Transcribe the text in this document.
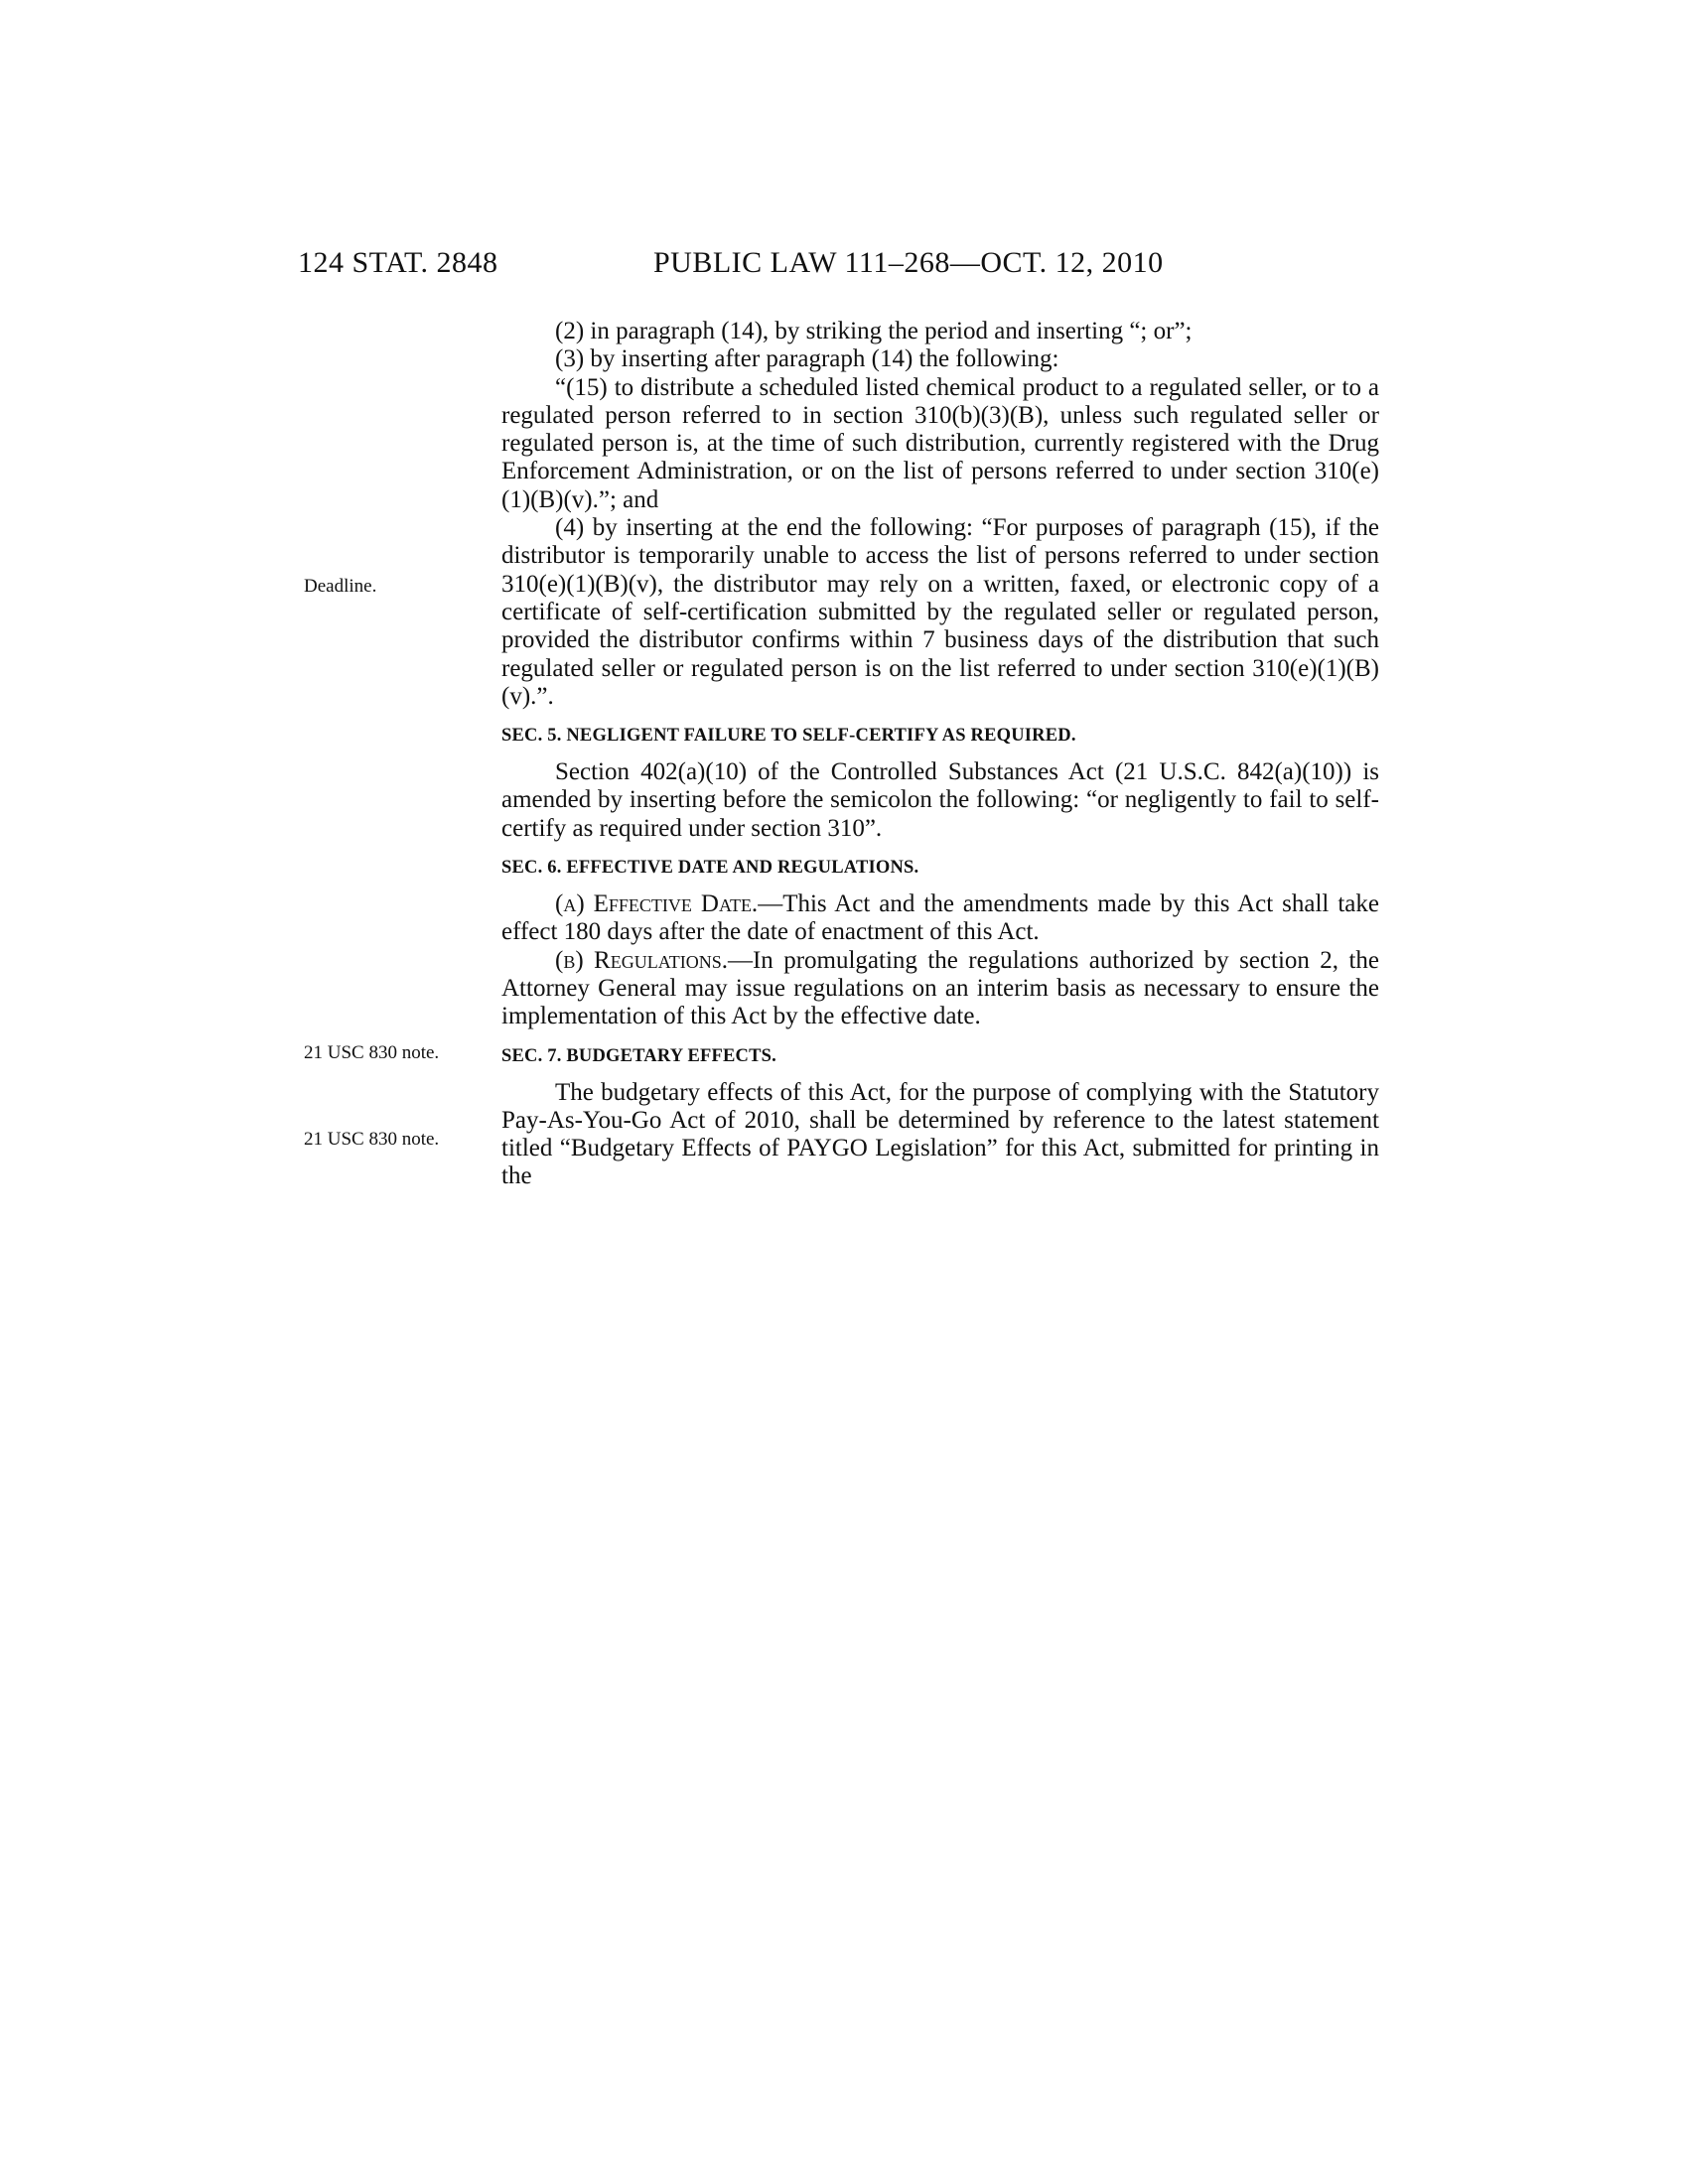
124 STAT. 2848	PUBLIC LAW 111–268—OCT. 12, 2010
Deadline.
21 USC 830 note.
21 USC 830 note.

(2) in paragraph (14), by striking the period and inserting “; or”;

(3) by inserting after paragraph (14) the following:

“(15) to distribute a scheduled listed chemical product to a regulated seller, or to a regulated person referred to in section 310(b)(3)(B), unless such regulated seller or regulated person is, at the time of such distribution, currently registered with the Drug Enforcement Administration, or on the list of persons referred to under section 310(e)(1)(B)(v).”; and

(4) by inserting at the end the following: “For purposes of paragraph (15), if the distributor is temporarily unable to access the list of persons referred to under section 310(e)(1)(B)(v), the distributor may rely on a written, faxed, or electronic copy of a certificate of self-certification submitted by the regulated seller or regulated person, provided the distributor confirms within 7 business days of the distribution that such regulated seller or regulated person is on the list referred to under section 310(e)(1)(B)(v).”.

SEC. 5. NEGLIGENT FAILURE TO SELF-CERTIFY AS REQUIRED.

Section 402(a)(10) of the Controlled Substances Act (21 U.S.C. 842(a)(10)) is amended by inserting before the semicolon the following: “or negligently to fail to self-certify as required under section 310”.

SEC. 6. EFFECTIVE DATE AND REGULATIONS.

(a) Effective Date.—This Act and the amendments made by this Act shall take effect 180 days after the date of enactment of this Act.

(b) Regulations.—In promulgating the regulations authorized by section 2, the Attorney General may issue regulations on an interim basis as necessary to ensure the implementation of this Act by the effective date.

SEC. 7. BUDGETARY EFFECTS.

The budgetary effects of this Act, for the purpose of complying with the Statutory Pay-As-You-Go Act of 2010, shall be determined by reference to the latest statement titled “Budgetary Effects of PAYGO Legislation” for this Act, submitted for printing in the
